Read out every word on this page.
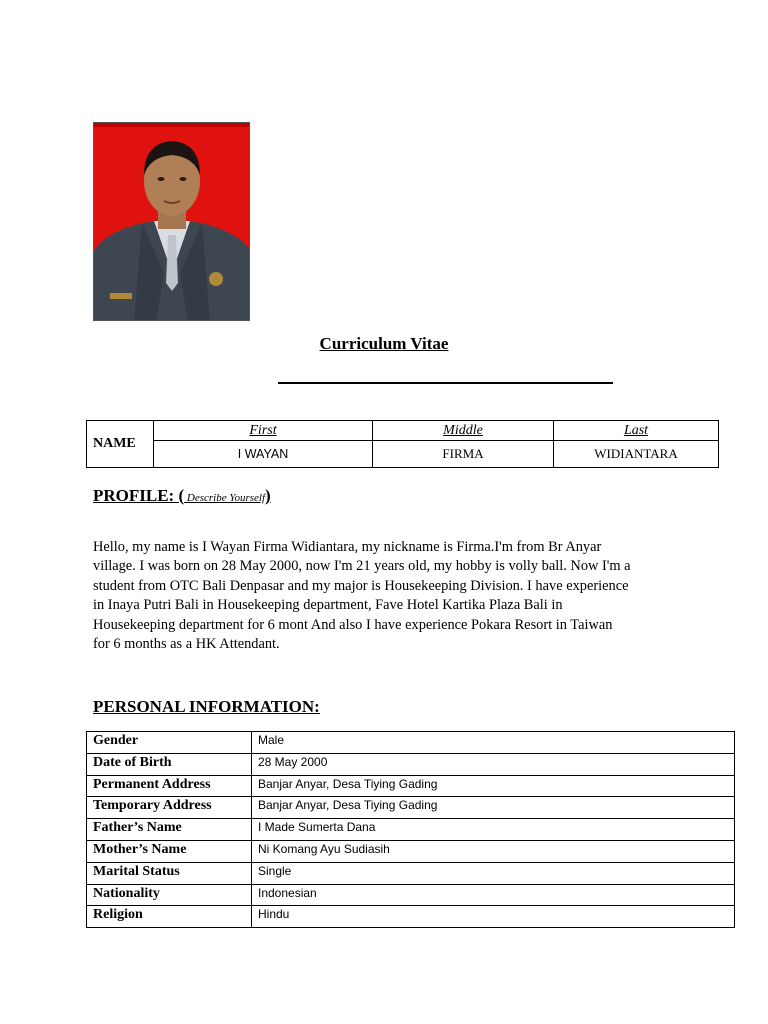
Curriculum Vitae
NAME	First	Middle	Last
	I WAYAN	FIRMA	WIDIANTARA
PROFILE: ( Describe Yourself)
Hello, my name is I Wayan Firma Widiantara, my nickname is Firma.I'm from Br Anyar
village. I was born on 28 May 2000, now I'm 21 years old, my hobby is volly ball. Now I'm a
student from OTC Bali Denpasar and my major is Housekeeping Division. I have experience
in Inaya Putri Bali in Housekeeping department, Fave Hotel Kartika Plaza Bali in
Housekeeping department for 6 mont And also I have experience Pokara Resort in Taiwan
for 6 months as a HK Attendant.
PERSONAL INFORMATION:
Gender	Male
Date of Birth	28 May 2000
Permanent Address	Banjar Anyar, Desa Tiying Gading
Temporary Address	Banjar Anyar, Desa Tiying Gading
Father’s Name	I Made Sumerta Dana
Mother’s Name	Ni Komang Ayu Sudiasih
Marital Status	Single
Nationality	Indonesian
Religion	Hindu
